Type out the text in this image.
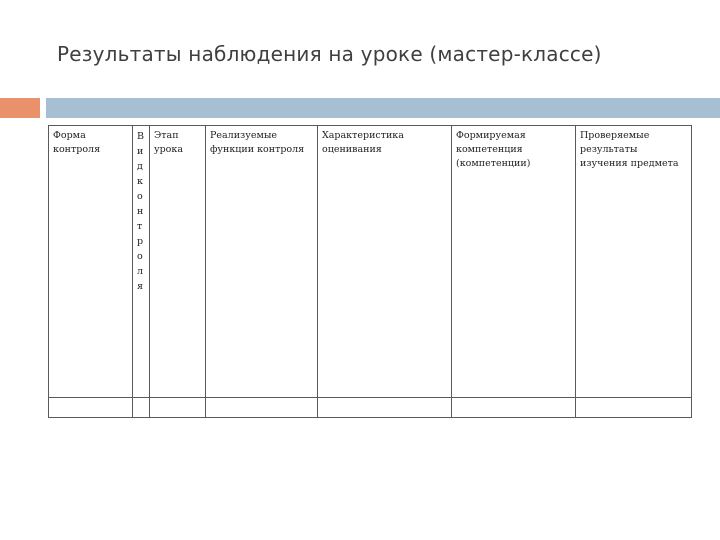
Результаты наблюдения на уроке (мастер-классе)
Форма контроля	Вид контроля	Этап урока	Реализуемые функции контроля	Характеристика оценивания	Формируемая компетенция (компетенции)	Проверяемые результаты изучения предмета
